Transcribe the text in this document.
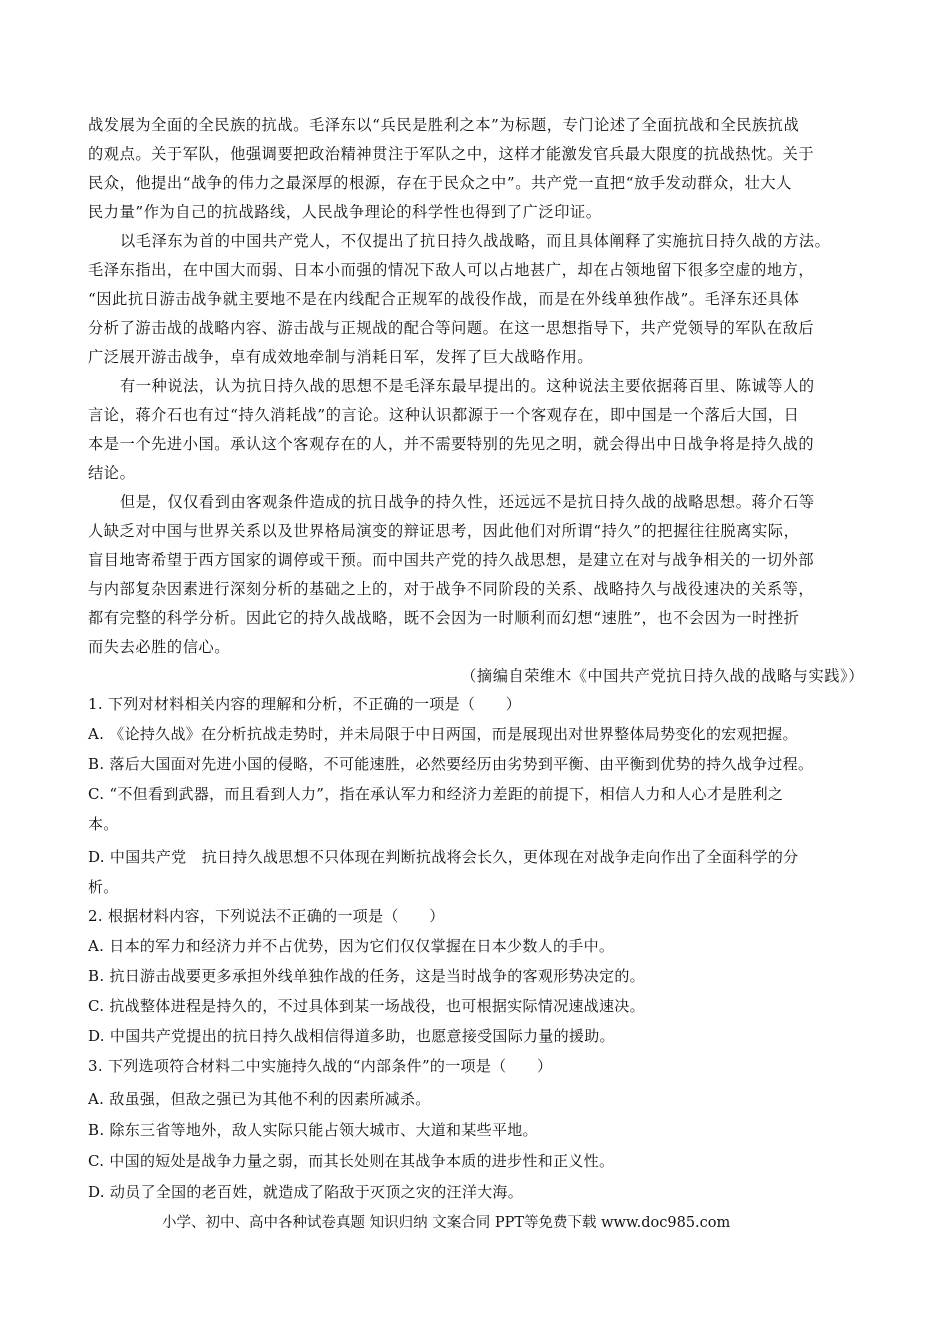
战发展为全面的全民族的抗战。毛泽东以“兵民是胜利之本”为标题，专门论述了全面抗战和全民族抗战
的观点。关于军队，他强调要把政治精神贯注于军队之中，这样才能激发官兵最大限度的抗战热忱。关于
民众，他提出“战争的伟力之最深厚的根源，存在于民众之中”。共产党一直把“放手发动群众，壮大人
民力量”作为自己的抗战路线，人民战争理论的科学性也得到了广泛印证。
以毛泽东为首的中国共产党人，不仅提出了抗日持久战战略，而且具体阐释了实施抗日持久战的方法。
毛泽东指出，在中国大而弱、日本小而强的情况下敌人可以占地甚广，却在占领地留下很多空虚的地方，
“因此抗日游击战争就主要地不是在内线配合正规军的战役作战，而是在外线单独作战”。毛泽东还具体
分析了游击战的战略内容、游击战与正规战的配合等问题。在这一思想指导下，共产党领导的军队在敌后
广泛展开游击战争，卓有成效地牵制与消耗日军，发挥了巨大战略作用。
有一种说法，认为抗日持久战的思想不是毛泽东最早提出的。这种说法主要依据蒋百里、陈诚等人的
言论，蒋介石也有过“持久消耗战”的言论。这种认识都源于一个客观存在，即中国是一个落后大国，日
本是一个先进小国。承认这个客观存在的人，并不需要特别的先见之明，就会得出中日战争将是持久战的
结论。
但是，仅仅看到由客观条件造成的抗日战争的持久性，还远远不是抗日持久战的战略思想。蒋介石等
人缺乏对中国与世界关系以及世界格局演变的辩证思考，因此他们对所谓“持久”的把握往往脱离实际，
盲目地寄希望于西方国家的调停或干预。而中国共产党的持久战思想，是建立在对与战争相关的一切外部
与内部复杂因素进行深刻分析的基础之上的，对于战争不同阶段的关系、战略持久与战役速决的关系等，
都有完整的科学分析。因此它的持久战战略，既不会因为一时顺利而幻想“速胜”，也不会因为一时挫折
而失去必胜的信心。
（摘编自荣维木《中国共产党抗日持久战的战略与实践》）
1. 下列对材料相关内容的理解和分析，不正确的一项是（　　）
A. 《论持久战》在分析抗战走势时，并未局限于中日两国，而是展现出对世界整体局势变化的宏观把握。
B. 落后大国面对先进小国的侵略，不可能速胜，必然要经历由劣势到平衡、由平衡到优势的持久战争过程。
C. “不但看到武器，而且看到人力”，指在承认军力和经济力差距的前提下，相信人力和人心才是胜利之
本。
D. 中国共产党　抗日持久战思想不只体现在判断抗战将会长久，更体现在对战争走向作出了全面科学的分
析。
2. 根据材料内容，下列说法不正确的一项是（　　）
A. 日本的军力和经济力并不占优势，因为它们仅仅掌握在日本少数人的手中。
B. 抗日游击战要更多承担外线单独作战的任务，这是当时战争的客观形势决定的。
C. 抗战整体进程是持久的，不过具体到某一场战役，也可根据实际情况速战速决。
D. 中国共产党提出的抗日持久战相信得道多助，也愿意接受国际力量的援助。
3. 下列选项符合材料二中实施持久战的“内部条件”的一项是（　　）
A. 敌虽强，但敌之强已为其他不利的因素所减杀。
B. 除东三省等地外，敌人实际只能占领大城市、大道和某些平地。
C. 中国的短处是战争力量之弱，而其长处则在其战争本质的进步性和正义性。
D. 动员了全国的老百姓，就造成了陷敌于灭顶之灾的汪洋大海。
小学、初中、高中各种试卷真题 知识归纳 文案合同 PPT等免费下载 www.doc985.com
